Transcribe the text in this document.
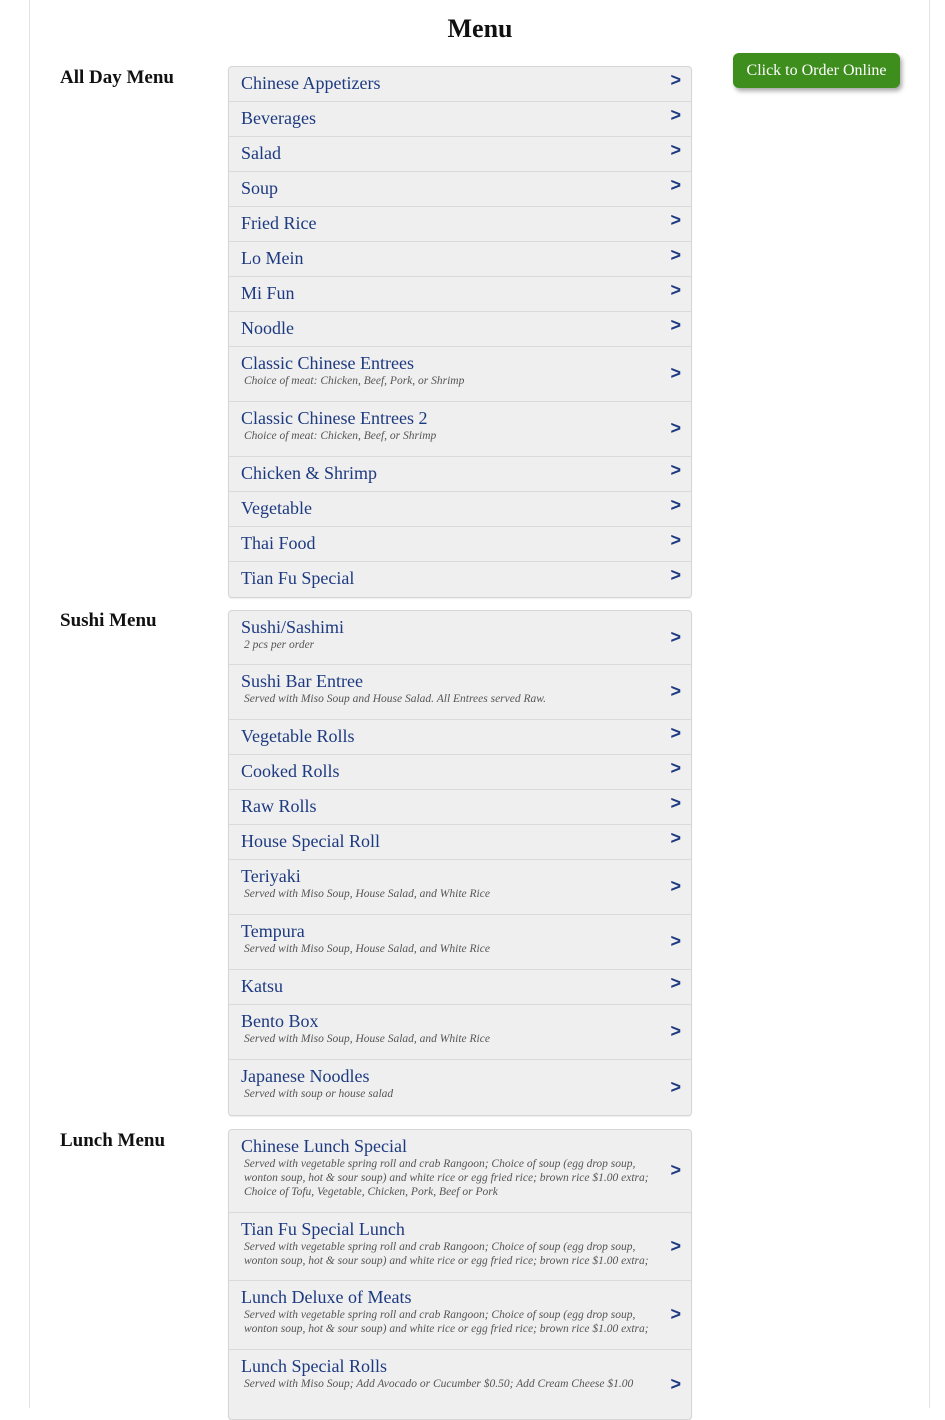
Menu
Click to Order Online
All Day Menu	Chinese Appetizers	>
Beverages	>
Salad	>
Soup	>
Fried Rice	>
Lo Mein	>
Mi Fun	>
Noodle	>
Classic Chinese Entrees
Choice of meat: Chicken, Beef, Pork, or Shrimp	>
Classic Chinese Entrees 2
Choice of meat: Chicken, Beef, or Shrimp	>
Chicken & Shrimp	>
Vegetable	>
Thai Food	>
Tian Fu Special	>
Sushi Menu	Sushi/Sashimi
2 pcs per order	>
Sushi Bar Entree
Served with Miso Soup and House Salad. All Entrees served Raw.	>
Vegetable Rolls	>
Cooked Rolls	>
Raw Rolls	>
House Special Roll	>
Teriyaki
Served with Miso Soup, House Salad, and White Rice	>
Tempura
Served with Miso Soup, House Salad, and White Rice	>
Katsu	>
Bento Box
Served with Miso Soup, House Salad, and White Rice	>
Japanese Noodles
Served with soup or house salad	>
Lunch Menu	Chinese Lunch Special
Served with vegetable spring roll and crab Rangoon; Choice of soup (egg drop soup, wonton soup, hot & sour soup) and white rice or egg fried rice; brown rice $1.00 extra; Choice of Tofu, Vegetable, Chicken, Pork, Beef or Pork
>
Tian Fu Special Lunch
Served with vegetable spring roll and crab Rangoon; Choice of soup (egg drop soup, wonton soup, hot & sour soup) and white rice or egg fried rice; brown rice $1.00 extra;
>
Lunch Deluxe of Meats
Served with vegetable spring roll and crab Rangoon; Choice of soup (egg drop soup, wonton soup, hot & sour soup) and white rice or egg fried rice; brown rice $1.00 extra;
>
Lunch Special Rolls
Served with Miso Soup; Add Avocado or Cucumber $0.50; Add Cream Cheese $1.00	>
